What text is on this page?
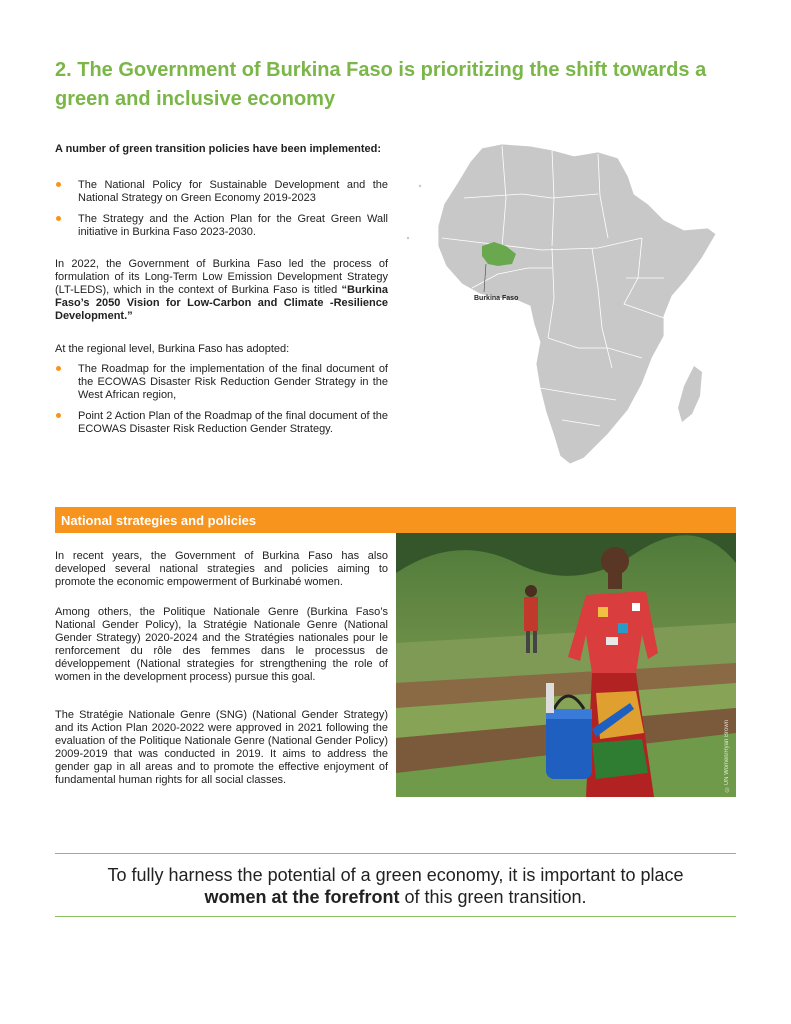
2. The Government of Burkina Faso is prioritizing the shift towards a green and inclusive economy
A number of green transition policies have been implemented:
The National Policy for Sustainable Development and the National Strategy on Green Economy 2019-2023
The Strategy and the Action Plan for the Great Green Wall initiative in Burkina Faso 2023-2030.

In 2022, the Government of Burkina Faso led the process of formulation of its Long-Term Low Emission Development Strategy (LT-LEDS), which in the context of Burkina Faso is titled “Burkina Faso’s 2050 Vision for Low-Carbon and Climate -Resilience Development.”

At the regional level, Burkina Faso has adopted:
The Roadmap for the implementation of the final document of the ECOWAS Disaster Risk Reduction Gender Strategy in the West African region,
Point 2 Action Plan of the Roadmap of the final document of the ECOWAS Disaster Risk Reduction Gender Strategy.
Burkina Faso
National strategies and policies

In recent years, the Government of Burkina Faso has also developed several national strategies and policies aiming to promote the economic empowerment of Burkinabé women.

Among others, the Politique Nationale Genre (Burkina Faso’s National Gender Policy), la Stratégie Nationale Genre (National Gender Strategy) 2020-2024 and the Stratégies nationales pour le renforcement du rôle des femmes dans le processus de développement (National strategies for strengthening the role of women in the development process) pursue this goal.

The Stratégie Nationale Genre (SNG) (National Gender Strategy) and its Action Plan 2020-2022 were approved in 2021 following the evaluation of the Politique Nationale Genre (National Gender Policy) 2009-2019 that was conducted in 2019. It aims to address the gender gap in all areas and to promote the effective enjoyment of fundamental human rights for all social classes.	©UN Women/Ryan Brown
To fully harness the potential of a green economy, it is important to place
women at the forefront of this green transition.
